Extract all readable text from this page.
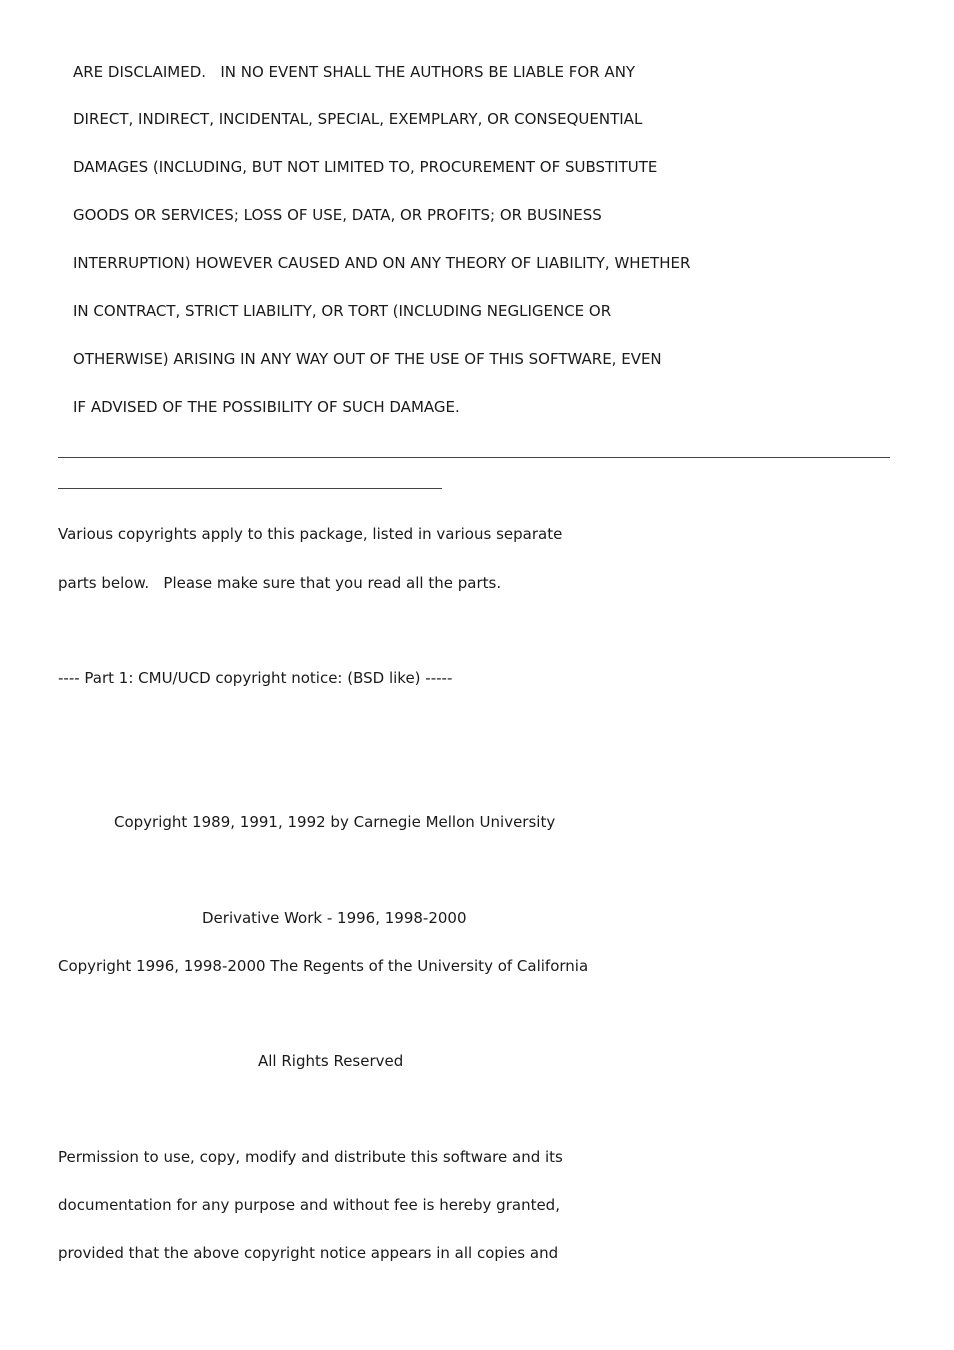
ARE DISCLAIMED.   IN NO EVENT SHALL THE AUTHORS BE LIABLE FOR ANY
DIRECT, INDIRECT, INCIDENTAL, SPECIAL, EXEMPLARY, OR CONSEQUENTIAL
DAMAGES (INCLUDING, BUT NOT LIMITED TO, PROCUREMENT OF SUBSTITUTE
GOODS OR SERVICES; LOSS OF USE, DATA, OR PROFITS; OR BUSINESS
INTERRUPTION) HOWEVER CAUSED AND ON ANY THEORY OF LIABILITY, WHETHER
IN CONTRACT, STRICT LIABILITY, OR TORT (INCLUDING NEGLIGENCE OR
OTHERWISE) ARISING IN ANY WAY OUT OF THE USE OF THIS SOFTWARE, EVEN
IF ADVISED OF THE POSSIBILITY OF SUCH DAMAGE.
Various copyrights apply to this package, listed in various separate
parts below.   Please make sure that you read all the parts.
---- Part 1: CMU/UCD copyright notice: (BSD like) -----
Copyright 1989, 1991, 1992 by Carnegie Mellon University
Derivative Work - 1996, 1998-2000
Copyright 1996, 1998-2000 The Regents of the University of California
All Rights Reserved
Permission to use, copy, modify and distribute this software and its
documentation for any purpose and without fee is hereby granted,
provided that the above copyright notice appears in all copies and
